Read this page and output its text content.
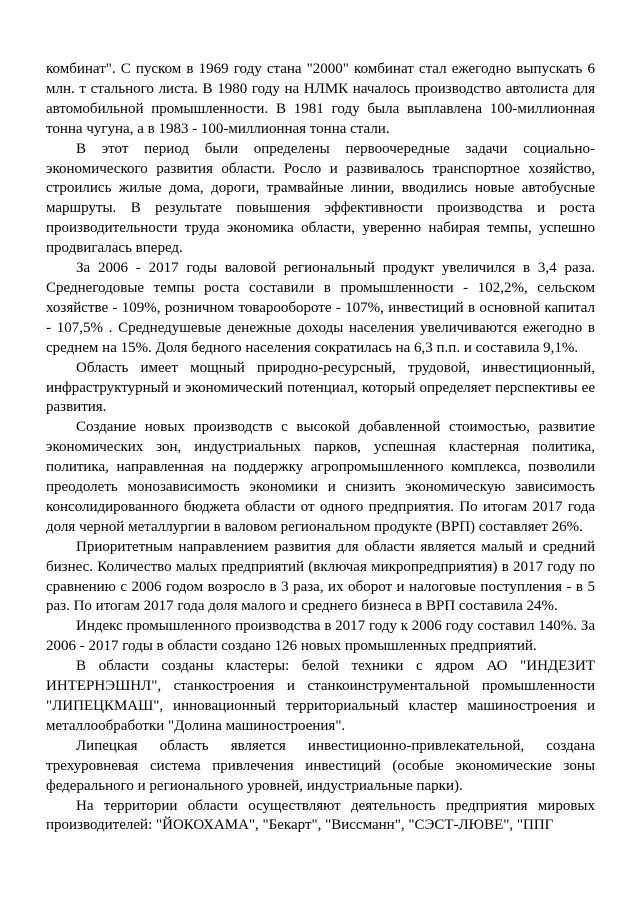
комбинат". С пуском в 1969 году стана "2000" комбинат стал ежегодно выпускать 6 млн. т стального листа. В 1980 году на НЛМК началось производство автолиста для автомобильной промышленности. В 1981 году была выплавлена 100-миллионная тонна чугуна, а в 1983 - 100-миллионная тонна стали.

В этот период были определены первоочередные задачи социально-экономического развития области. Росло и развивалось транспортное хозяйство, строились жилые дома, дороги, трамвайные линии, вводились новые автобусные маршруты. В результате повышения эффективности производства и роста производительности труда экономика области, уверенно набирая темпы, успешно продвигалась вперед.

За 2006 - 2017 годы валовой региональный продукт увеличился в 3,4 раза. Среднегодовые темпы роста составили в промышленности - 102,2%, сельском хозяйстве - 109%, розничном товарообороте - 107%, инвестиций в основной капитал - 107,5% . Среднедушевые денежные доходы населения увеличиваются ежегодно в среднем на 15%. Доля бедного населения сократилась на 6,3 п.п. и составила 9,1%.

Область имеет мощный природно-ресурсный, трудовой, инвестиционный, инфраструктурный и экономический потенциал, который определяет перспективы ее развития.

Создание новых производств с высокой добавленной стоимостью, развитие экономических зон, индустриальных парков, успешная кластерная политика, политика, направленная на поддержку агропромышленного комплекса, позволили преодолеть монозависимость экономики и снизить экономическую зависимость консолидированного бюджета области от одного предприятия. По итогам 2017 года доля черной металлургии в валовом региональном продукте (ВРП) составляет 26%.

Приоритетным направлением развития для области является малый и средний бизнес. Количество малых предприятий (включая микропредприятия) в 2017 году по сравнению с 2006 годом возросло в 3 раза, их оборот и налоговые поступления - в 5 раз. По итогам 2017 года доля малого и среднего бизнеса в ВРП составила 24%.

Индекс промышленного производства в 2017 году к 2006 году составил 140%. За 2006 - 2017 годы в области создано 126 новых промышленных предприятий.

В области созданы кластеры: белой техники с ядром АО "ИНДЕЗИТ ИНТЕРНЭШНЛ", станкостроения и станкоинструментальной промышленности "ЛИПЕЦКМАШ", инновационный территориальный кластер машиностроения и металлообработки "Долина машиностроения".

Липецкая область является инвестиционно-привлекательной, создана трехуровневая система привлечения инвестиций (особые экономические зоны федерального и регионального уровней, индустриальные парки).

На территории области осуществляют деятельность предприятия мировых производителей: "ЙОКОХАМА", "Бекарт", "Виссманн", "СЭСТ-ЛЮВЕ", "ППГ
